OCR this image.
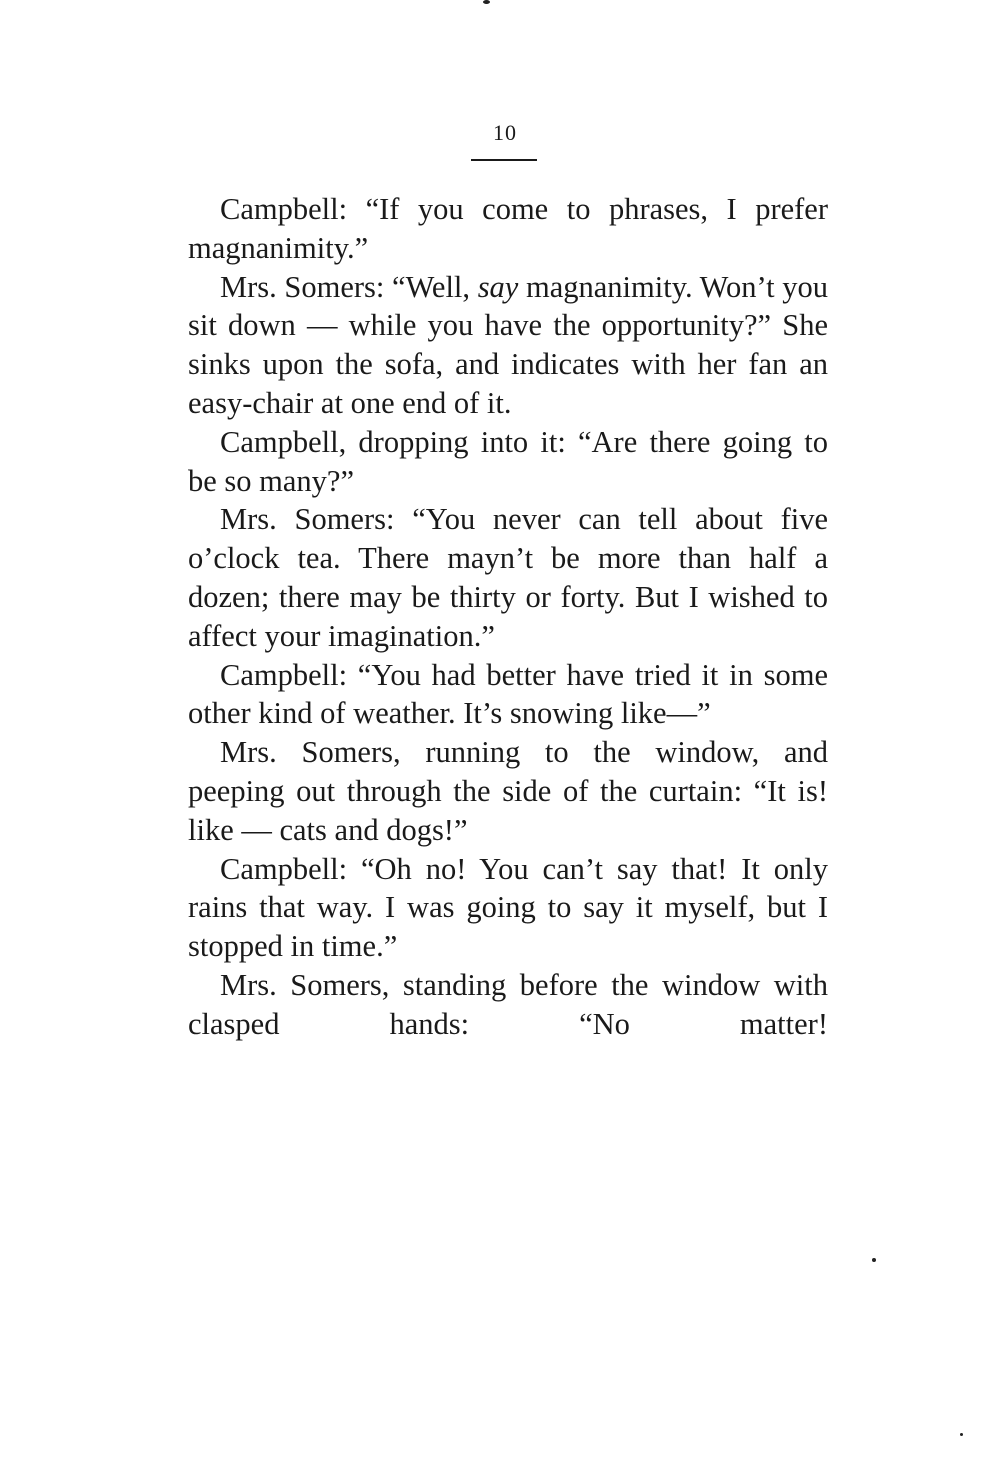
10

Campbell: “If you come to phrases, I prefer magnanimity.”

Mrs. Somers: “Well, say magnanimity. Won’t you sit down — while you have the opportunity?” She sinks upon the sofa, and indicates with her fan an easy-chair at one end of it.

Campbell, dropping into it: “Are there going to be so many?”

Mrs. Somers: “You never can tell about five o’clock tea. There mayn’t be more than half a dozen; there may be thirty or forty. But I wished to affect your imagination.”

Campbell: “You had better have tried it in some other kind of weather. It’s snowing like—”

Mrs. Somers, running to the window, and peeping out through the side of the curtain: “It is! like — cats and dogs!”

Campbell: “Oh no! You can’t say that! It only rains that way. I was going to say it myself, but I stopped in time.”

Mrs. Somers, standing before the window with clasped hands: “No matter!
